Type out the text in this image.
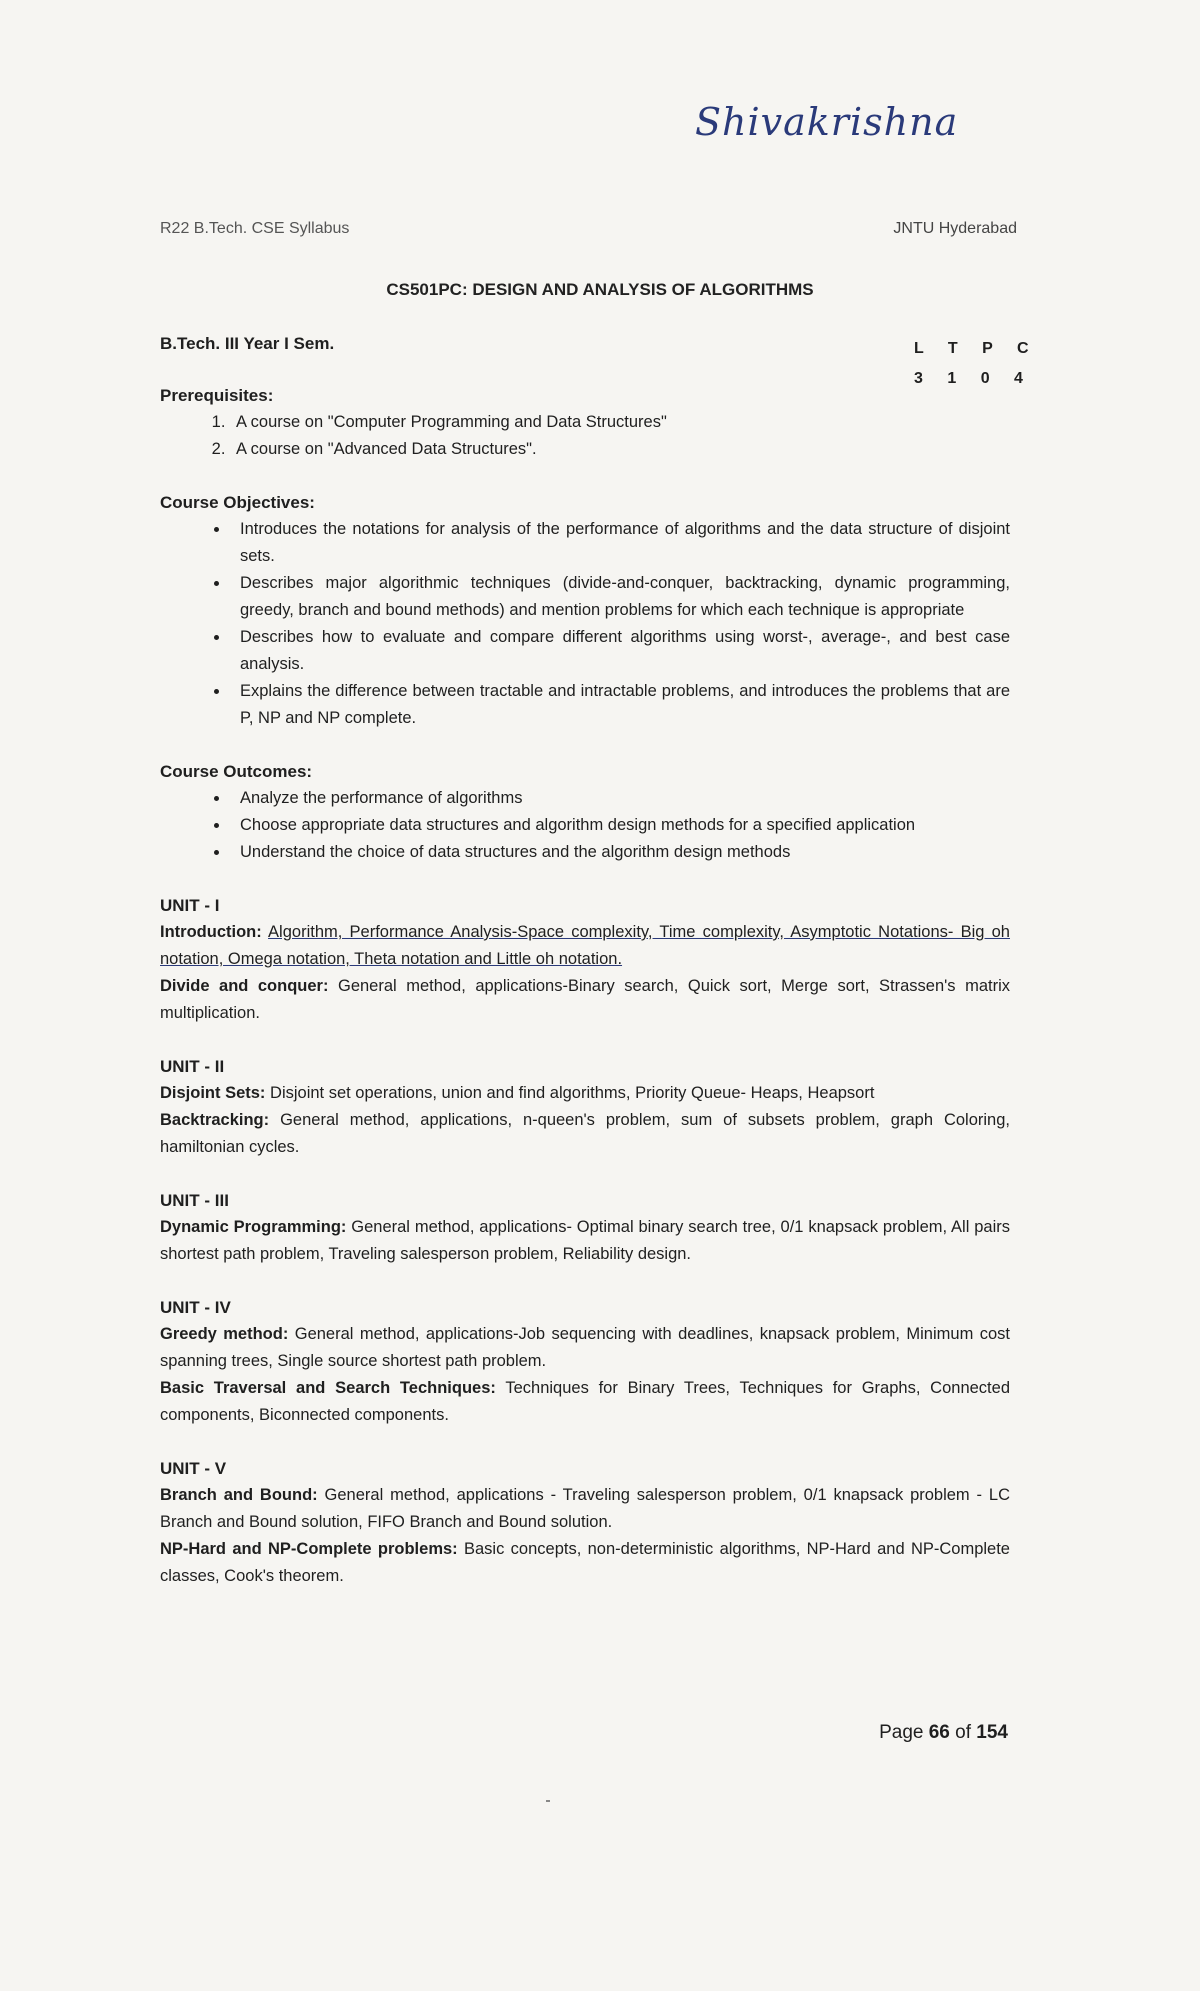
Shivakrishna
R22 B.Tech. CSE Syllabus	JNTU Hyderabad
CS501PC: DESIGN AND ANALYSIS OF ALGORITHMS
B.Tech. III Year I Sem.	L T P C
3 1 0 4

Prerequisites:

1. A course on "Computer Programming and Data Structures"
2. A course on "Advanced Data Structures".

Course Objectives:

• Introduces the notations for analysis of the performance of algorithms and the data structure of disjoint sets.
• Describes major algorithmic techniques (divide-and-conquer, backtracking, dynamic programming, greedy, branch and bound methods) and mention problems for which each technique is appropriate
• Describes how to evaluate and compare different algorithms using worst-, average-, and best case analysis.
• Explains the difference between tractable and intractable problems, and introduces the problems that are P, NP and NP complete.

Course Outcomes:

• Analyze the performance of algorithms
• Choose appropriate data structures and algorithm design methods for a specified application
• Understand the choice of data structures and the algorithm design methods
UNIT - I
Introduction: Algorithm, Performance Analysis-Space complexity, Time complexity, Asymptotic Notations- Big oh notation, Omega notation, Theta notation and Little oh notation.
Divide and conquer: General method, applications-Binary search, Quick sort, Merge sort, Strassen's matrix multiplication.
UNIT - II
Disjoint Sets: Disjoint set operations, union and find algorithms, Priority Queue- Heaps, Heapsort
Backtracking: General method, applications, n-queen's problem, sum of subsets problem, graph Coloring, hamiltonian cycles.
UNIT - III
Dynamic Programming: General method, applications- Optimal binary search tree, 0/1 knapsack problem, All pairs shortest path problem, Traveling salesperson problem, Reliability design.
UNIT - IV
Greedy method: General method, applications-Job sequencing with deadlines, knapsack problem, Minimum cost spanning trees, Single source shortest path problem.
Basic Traversal and Search Techniques: Techniques for Binary Trees, Techniques for Graphs, Connected components, Biconnected components.
UNIT - V
Branch and Bound: General method, applications - Traveling salesperson problem, 0/1 knapsack problem - LC Branch and Bound solution, FIFO Branch and Bound solution.
NP-Hard and NP-Complete problems: Basic concepts, non-deterministic algorithms, NP-Hard and NP-Complete classes, Cook's theorem.
Page 66 of 154
